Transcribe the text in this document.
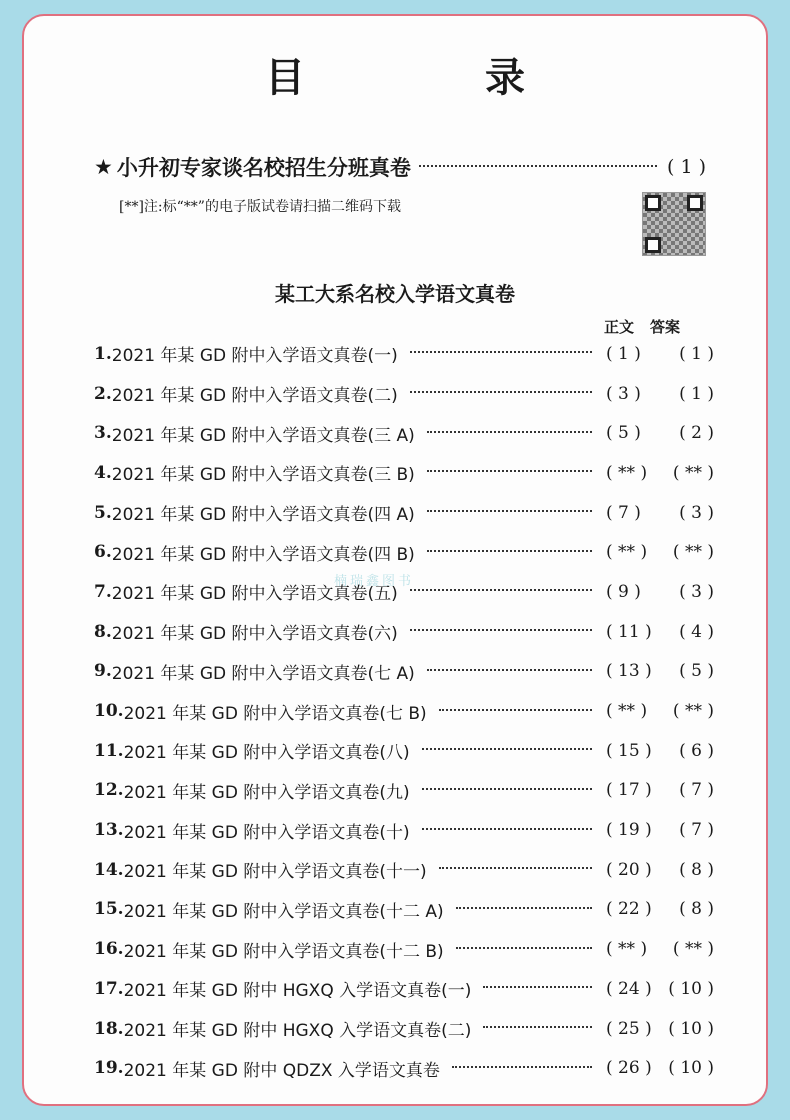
目　录
★ 小升初专家谈名校招生分班真卷	( 1 )
[**]注:标“**”的电子版试卷请扫描二维码下载
某工大系名校入学语文真卷
正文 答案
楠瑞鑫图书
1. 2021 年某 GD 附中入学语文真卷(一)	( 1 ) ( 1 )
2. 2021 年某 GD 附中入学语文真卷(二)	( 3 ) ( 1 )
3. 2021 年某 GD 附中入学语文真卷(三 A)	( 5 ) ( 2 )
4. 2021 年某 GD 附中入学语文真卷(三 B)	( ** ) ( ** )
5. 2021 年某 GD 附中入学语文真卷(四 A)	( 7 ) ( 3 )
6. 2021 年某 GD 附中入学语文真卷(四 B)	( ** ) ( ** )
7. 2021 年某 GD 附中入学语文真卷(五)	( 9 ) ( 3 )
8. 2021 年某 GD 附中入学语文真卷(六)	( 11 ) ( 4 )
9. 2021 年某 GD 附中入学语文真卷(七 A)	( 13 ) ( 5 )
10. 2021 年某 GD 附中入学语文真卷(七 B)	( ** ) ( ** )
11. 2021 年某 GD 附中入学语文真卷(八)	( 15 ) ( 6 )
12. 2021 年某 GD 附中入学语文真卷(九)	( 17 ) ( 7 )
13. 2021 年某 GD 附中入学语文真卷(十)	( 19 ) ( 7 )
14. 2021 年某 GD 附中入学语文真卷(十一)	( 20 ) ( 8 )
15. 2021 年某 GD 附中入学语文真卷(十二 A)	( 22 ) ( 8 )
16. 2021 年某 GD 附中入学语文真卷(十二 B)	( ** ) ( ** )
17. 2021 年某 GD 附中 HGXQ 入学语文真卷(一)	( 24 ) ( 10 )
18. 2021 年某 GD 附中 HGXQ 入学语文真卷(二)	( 25 ) ( 10 )
19. 2021 年某 GD 附中 QDZX 入学语文真卷	( 26 ) ( 10 )
